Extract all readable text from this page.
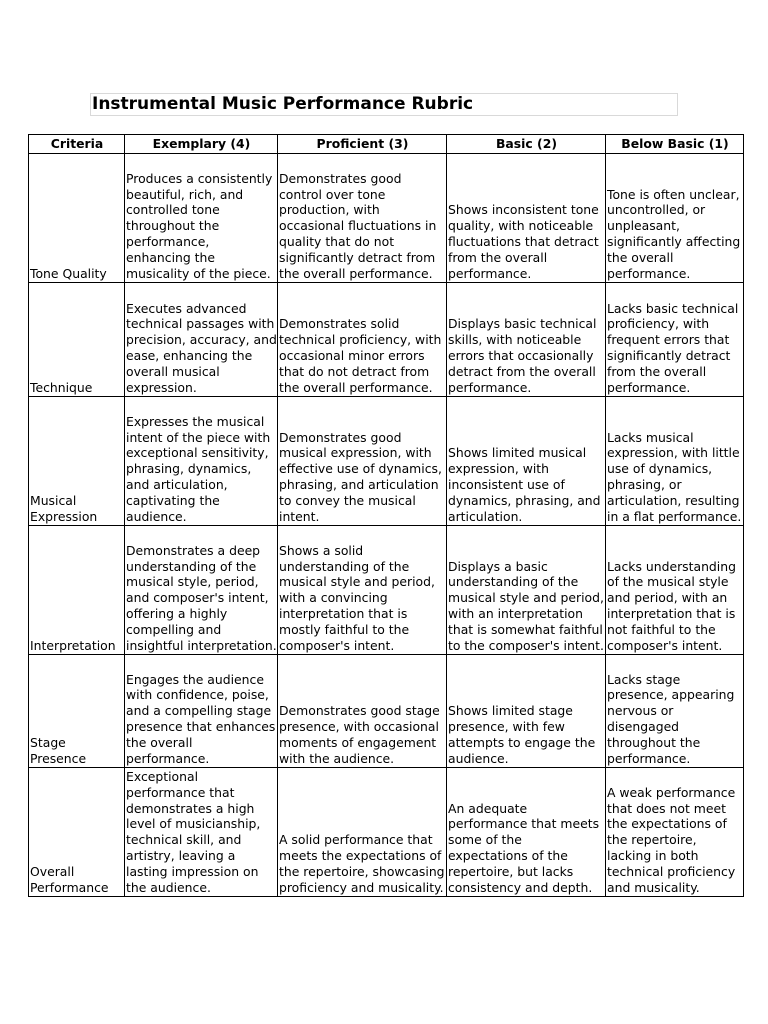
Instrumental Music Performance Rubric
Criteria	Exemplary (4)	Proficient (3)	Basic (2)	Below Basic (1)
Tone Quality	Produces a consistently beautiful, rich, and controlled tone throughout the performance, enhancing the musicality of the piece.	Demonstrates good control over tone production, with occasional fluctuations in quality that do not significantly detract from the overall performance.	Shows inconsistent tone quality, with noticeable fluctuations that detract from the overall performance.	Tone is often unclear, uncontrolled, or unpleasant, significantly affecting the overall performance.
Technique	Executes advanced technical passages with precision, accuracy, and ease, enhancing the overall musical expression.	Demonstrates solid technical proficiency, with occasional minor errors that do not detract from the overall performance.	Displays basic technical skills, with noticeable errors that occasionally detract from the overall performance.	Lacks basic technical proficiency, with frequent errors that significantly detract from the overall performance.
Musical Expression	Expresses the musical intent of the piece with exceptional sensitivity, phrasing, dynamics, and articulation, captivating the audience.	Demonstrates good musical expression, with effective use of dynamics, phrasing, and articulation to convey the musical intent.	Shows limited musical expression, with inconsistent use of dynamics, phrasing, and articulation.	Lacks musical expression, with little use of dynamics, phrasing, or articulation, resulting in a flat performance.
Interpretation	Demonstrates a deep understanding of the musical style, period, and composer's intent, offering a highly compelling and insightful interpretation.	Shows a solid understanding of the musical style and period, with a convincing interpretation that is mostly faithful to the composer's intent.	Displays a basic understanding of the musical style and period, with an interpretation that is somewhat faithful to the composer's intent.	Lacks understanding of the musical style and period, with an interpretation that is not faithful to the composer's intent.
Stage Presence	Engages the audience with confidence, poise, and a compelling stage presence that enhances the overall performance.	Demonstrates good stage presence, with occasional moments of engagement with the audience.	Shows limited stage presence, with few attempts to engage the audience.	Lacks stage presence, appearing nervous or disengaged throughout the performance.
Overall Performance	Exceptional performance that demonstrates a high level of musicianship, technical skill, and artistry, leaving a lasting impression on the audience.	A solid performance that meets the expectations of the repertoire, showcasing proficiency and musicality.	An adequate performance that meets some of the expectations of the repertoire, but lacks consistency and depth.	A weak performance that does not meet the expectations of the repertoire, lacking in both technical proficiency and musicality.
